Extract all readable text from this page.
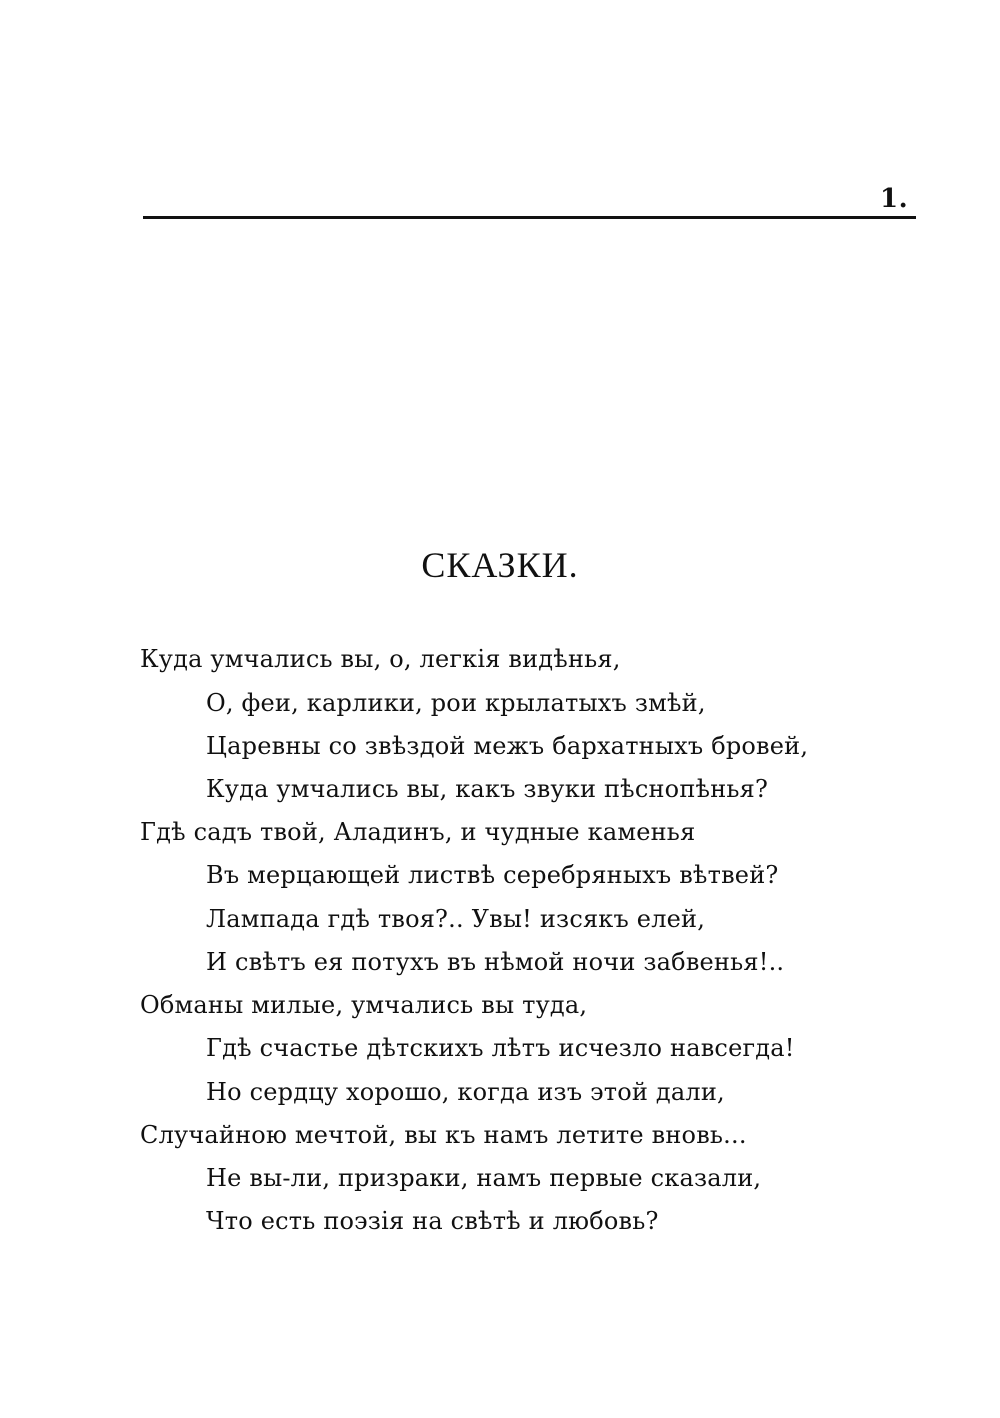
1.
СКАЗКИ.
Куда умчались вы, о, легкія видѣнья,
О, феи, карлики, рои крылатыхъ змѣй,
Царевны со звѣздой межъ бархатныхъ бровей,
Куда умчались вы, какъ звуки пѣснопѣнья?
Гдѣ садъ твой, Аладинъ, и чудные каменья
Въ мерцающей листвѣ серебряныхъ вѣтвей?
Лампада гдѣ твоя?.. Увы! изсякъ елей,
И свѣтъ ея потухъ въ нѣмой ночи забвенья!..
Обманы милые, умчались вы туда,
Гдѣ счастье дѣтскихъ лѣтъ исчезло навсегда!
Но сердцу хорошо, когда изъ этой дали,
Случайною мечтой, вы къ намъ летите вновь...
Не вы-ли, призраки, намъ первые сказали,
Что есть поэзія на свѣтѣ и любовь?
